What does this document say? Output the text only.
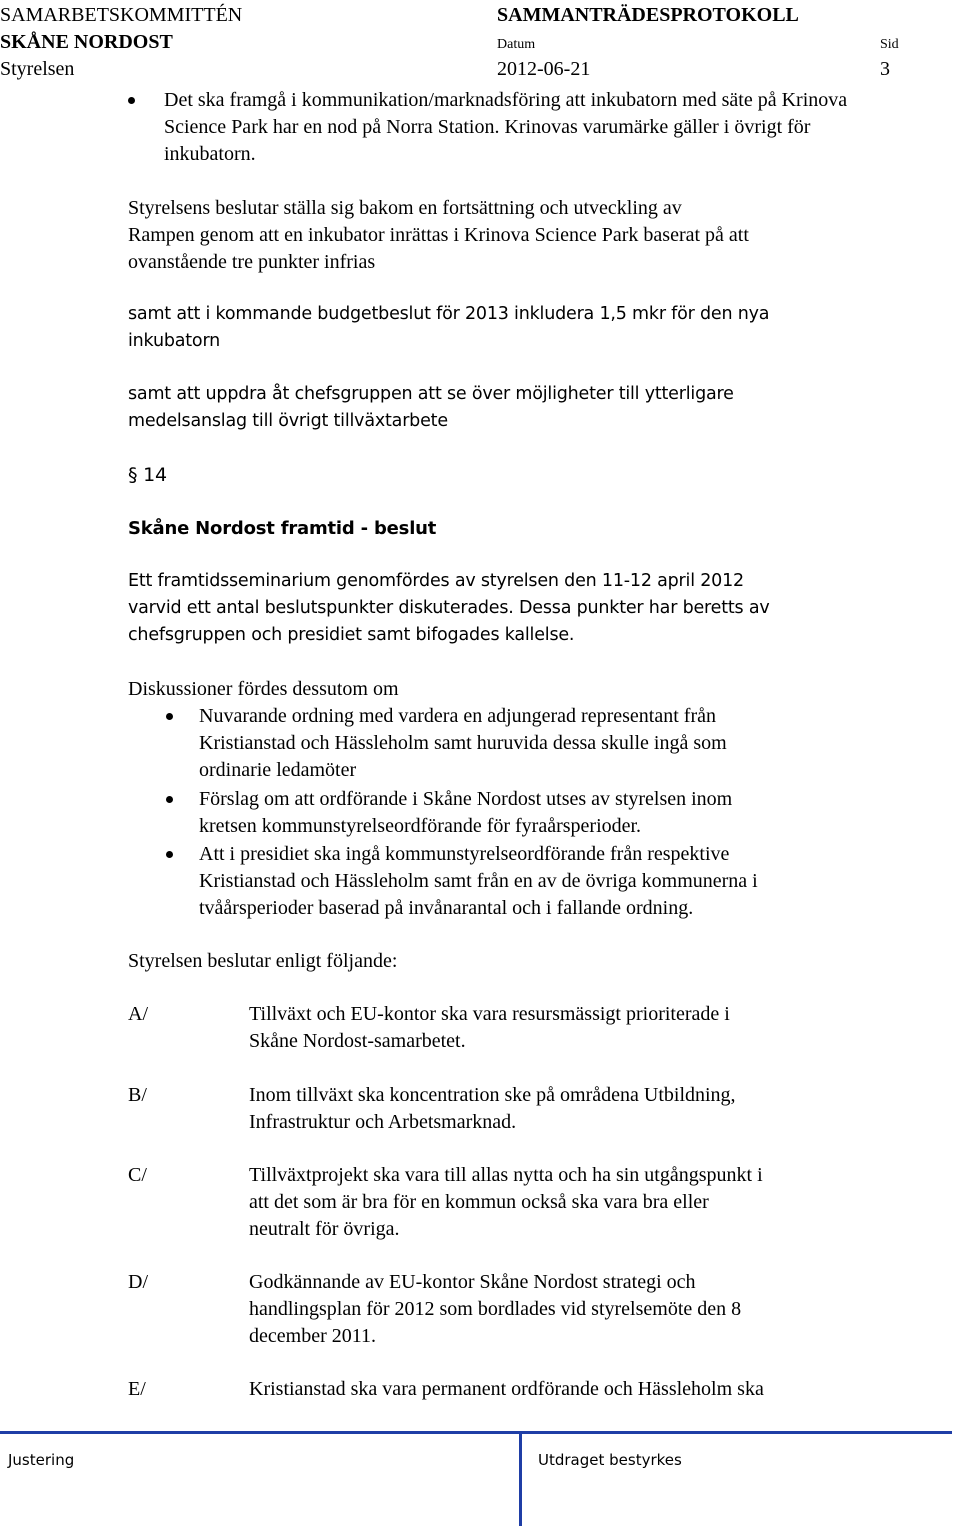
SAMARBETSKOMMITTÉN
SKÅNE NORDOST
Styrelsen
SAMMANTRÄDESPROTOKOLL
Datum
2012-06-21
Sid
3
Det ska framgå i kommunikation/marknadsföring att inkubatorn med säte på Krinova
Science Park har en nod på Norra Station. Krinovas varumärke gäller i övrigt för
inkubatorn.
Styrelsens beslutar ställa sig bakom en fortsättning och utveckling av
Rampen genom att en inkubator inrättas i Krinova Science Park baserat på att
ovanstående tre punkter infrias
samt att i kommande budgetbeslut för 2013 inkludera 1,5 mkr för den nya
inkubatorn
samt att uppdra åt chefsgruppen att se över möjligheter till ytterligare
medelsanslag till övrigt tillväxtarbete
§ 14
Skåne Nordost framtid - beslut
Ett framtidsseminarium genomfördes av styrelsen den 11-12 april 2012
varvid ett antal beslutspunkter diskuterades. Dessa punkter har beretts av
chefsgruppen och presidiet samt bifogades kallelse.
Diskussioner fördes dessutom om
Nuvarande ordning med vardera en adjungerad representant från
Kristianstad och Hässleholm samt huruvida dessa skulle ingå som
ordinarie ledamöter
Förslag om att ordförande i Skåne Nordost utses av styrelsen inom
kretsen kommunstyrelseordförande för fyraårsperioder.
Att i presidiet ska ingå kommunstyrelseordförande från respektive
Kristianstad och Hässleholm samt från en av de övriga kommunerna i
tvåårsperioder baserad på invånarantal och i fallande ordning.
Styrelsen beslutar enligt följande:
A/	Tillväxt och EU-kontor ska vara resursmässigt prioriterade i
Skåne Nordost-samarbetet.
B/	Inom tillväxt ska koncentration ske på områdena Utbildning,
Infrastruktur och Arbetsmarknad.
C/	Tillväxtprojekt ska vara till allas nytta och ha sin utgångspunkt i
att det som är bra för en kommun också ska vara bra eller
neutralt för övriga.
D/	Godkännande av EU-kontor Skåne Nordost strategi och
handlingsplan för 2012 som bordlades vid styrelsemöte den 8
december 2011.
E/	Kristianstad ska vara permanent ordförande och Hässleholm ska
Justering	Utdraget bestyrkes
